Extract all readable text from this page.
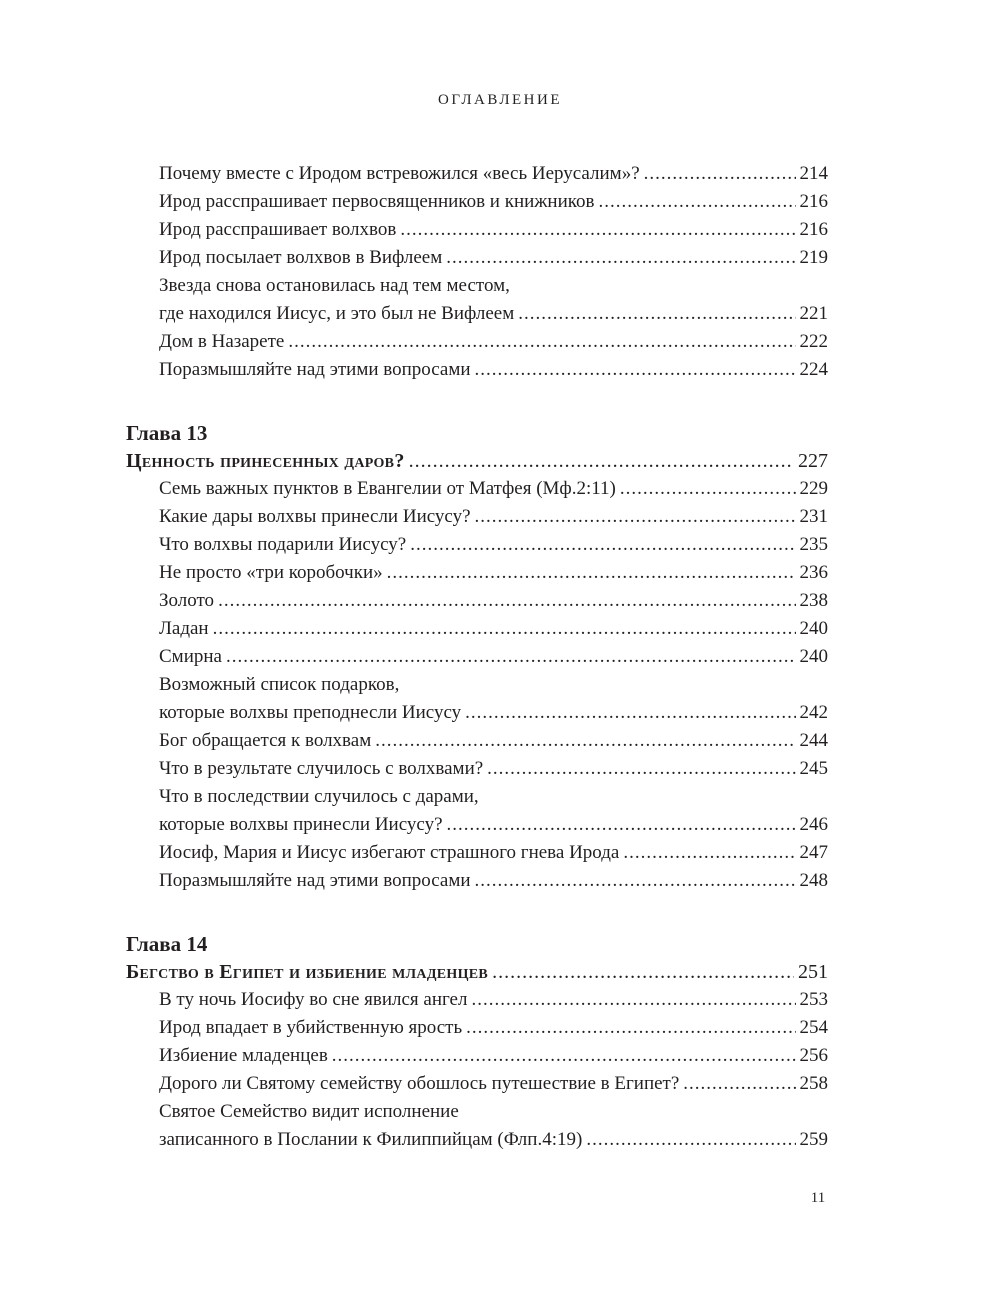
ОГЛАВЛЕНИЕ
Почему вместе с Иродом встревожился «весь Иерусалим»? .....	214
Ирод расспрашивает первосвященников и книжников .....	216
Ирод расспрашивает волхвов .....	216
Ирод посылает волхвов в Вифлеем .....	219
Звезда снова остановилась над тем местом,
где находился Иисус, и это был не Вифлеем .....	221
Дом в Назарете .....	222
Поразмышляйте над этими вопросами .....	224
Глава 13
Ценность принесенных даров? .....	227
Семь важных пунктов в Евангелии от Матфея (Мф.2:11) .....	229
Какие дары волхвы принесли Иисусу? .....	231
Что волхвы подарили Иисусу? .....	235
Не просто «три коробочки» .....	236
Золото .....	238
Ладан .....	240
Смирна .....	240
Возможный список подарков,
которые волхвы преподнесли Иисусу .....	242
Бог обращается к волхвам .....	244
Что в результате случилось с волхвами? .....	245
Что в последствии случилось с дарами,
которые волхвы принесли Иисусу? .....	246
Иосиф, Мария и Иисус избегают страшного гнева Ирода .....	247
Поразмышляйте над этими вопросами .....	248
Глава 14
Бегство в Египет и избиение младенцев .....	251
В ту ночь Иосифу во сне явился ангел .....	253
Ирод впадает в убийственную ярость .....	254
Избиение младенцев .....	256
Дорого ли Святому семейству обошлось путешествие в Египет? .....	258
Святое Семейство видит исполнение
записанного в Послании к Филиппийцам (Флп.4:19) .....	259
11
